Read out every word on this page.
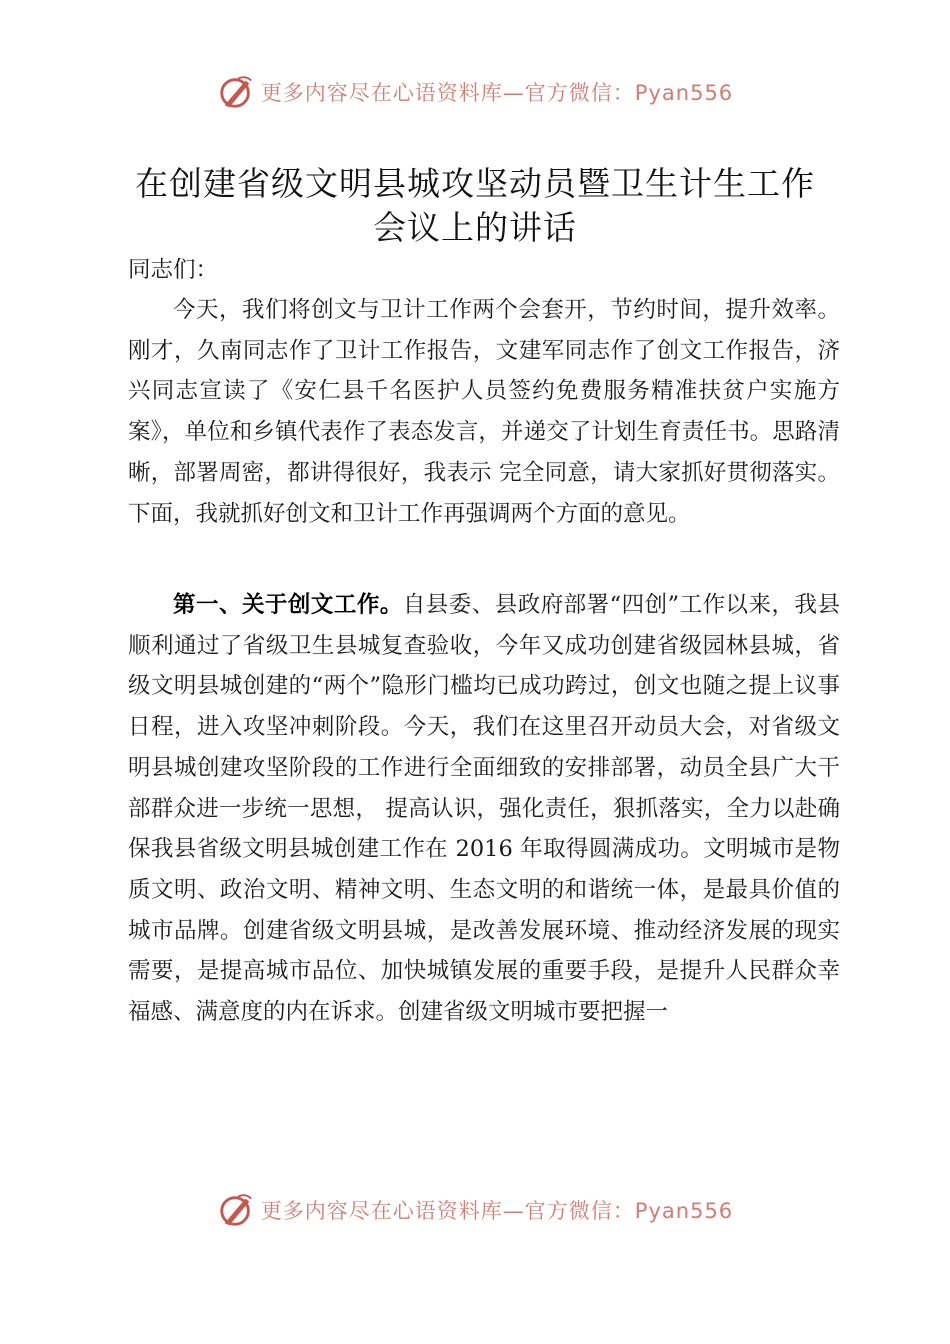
更多内容尽在心语资料库—官方微信：Pyan556
在创建省级文明县城攻坚动员暨卫生计生工作
会议上的讲话
同志们：
今天，我们将创文与卫计工作两个会套开，节约时间，提升效率。刚才，久南同志作了卫计工作报告，文建军同志作了创文工作报告，济兴同志宣读了《安仁县千名医护人员签约免费服务精准扶贫户实施方案》，单位和乡镇代表作了表态发言，并递交了计划生育责任书。思路清晰，部署周密，都讲得很好，我表示 完全同意，请大家抓好贯彻落实。下面，我就抓好创文和卫计工作再强调两个方面的意见。
第一、关于创文工作。自县委、县政府部署“四创”工作以来，我县顺利通过了省级卫生县城复查验收，今年又成功创建省级园林县城，省级文明县城创建的“两个”隐形门槛均已成功跨过，创文也随之提上议事日程，进入攻坚冲刺阶段。今天，我们在这里召开动员大会，对省级文明县城创建攻坚阶段的工作进行全面细致的安排部署，动员全县广大干部群众进一步统一思想， 提高认识，强化责任，狠抓落实，全力以赴确保我县省级文明县城创建工作在 2016 年取得圆满成功。文明城市是物质文明、政治文明、精神文明、生态文明的和谐统一体，是最具价值的城市品牌。创建省级文明县城，是改善发展环境、推动经济发展的现实需要，是提高城市品位、加快城镇发展的重要手段，是提升人民群众幸福感、满意度的内在诉求。创建省级文明城市要把握一
更多内容尽在心语资料库—官方微信：Pyan556
